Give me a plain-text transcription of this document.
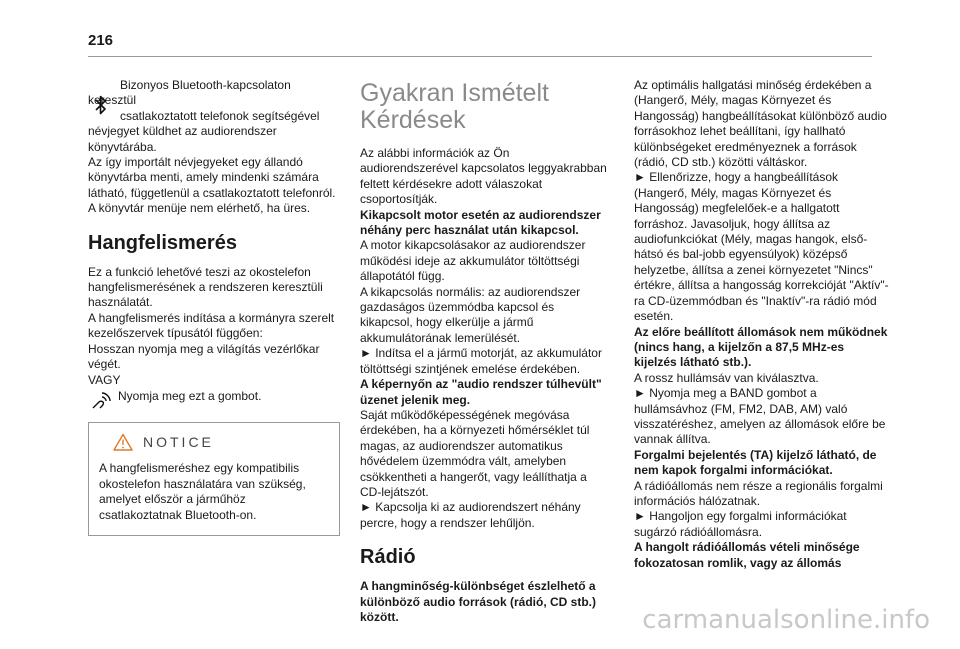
216

Bizonyos Bluetooth-kapcsolaton keresztül

csatlakoztatott telefonok segítségével névjegyet küldhet az audiorendszer könyvtárába.

Az így importált névjegyeket egy állandó könyvtárba menti, amely mindenki számára látható, függetlenül a csatlakoztatott telefonról.

A könyvtár menüje nem elérhető, ha üres.

Hangfelismerés

Ez a funkció lehetővé teszi az okostelefon hangfelismerésének a rendszeren keresztüli használatát.

A hangfelismerés indítása a kormányra szerelt kezelőszervek típusától függően:

Hosszan nyomja meg a világítás vezérlőkar végét.

VAGY

Nyomja meg ezt a gombot.

NOTICE

A hangfelismeréshez egy kompatibilis okostelefon használatára van szükség, amelyet először a járműhöz csatlakoztatnak Bluetooth-on.

Gyakran Ismételt Kérdések

Az alábbi információk az Ön audiorendszerével kapcsolatos leggyakrabban feltett kérdésekre adott válaszokat csoportosítják.

Kikapcsolt motor esetén az audiorendszer néhány perc használat után kikapcsol.

A motor kikapcsolásakor az audiorendszer működési ideje az akkumulátor töltöttségi állapotától függ.

A kikapcsolás normális: az audiorendszer gazdaságos üzemmódba kapcsol és kikapcsol, hogy elkerülje a jármű akkumulátorának lemerülését.

► Indítsa el a jármű motorját, az akkumulátor töltöttségi szintjének emelése érdekében.

A képernyőn az "audio rendszer túlhevült" üzenet jelenik meg.

Saját működőképességének megóvása érdekében, ha a környezeti hőmérséklet túl magas, az audiorendszer automatikus hővédelem üzemmódra vált, amelyben csökkentheti a hangerőt, vagy leállíthatja a CD-lejátszót.

► Kapcsolja ki az audiorendszert néhány percre, hogy a rendszer lehűljön.

Rádió

A hangminőség-különbséget észlelhető a különböző audio források (rádió, CD stb.) között.

Az optimális hallgatási minőség érdekében a (Hangerő, Mély, magas Környezet és Hangosság) hangbeállításokat különböző audio forrásokhoz lehet beállítani, így hallható különbségeket eredményeznek a források (rádió, CD stb.) közötti váltáskor.

► Ellenőrizze, hogy a hangbeállítások (Hangerő, Mély, magas Környezet és Hangosság) megfelelőek-e a hallgatott forráshoz. Javasoljuk, hogy állítsa az audiofunkciókat (Mély, magas hangok, első-hátsó és bal-jobb egyensúlyok) középső helyzetbe, állítsa a zenei környezetet "Nincs" értékre, állítsa a hangosság korrekcióját "Aktív"-ra CD-üzemmódban és "Inaktív"-ra rádió mód esetén.

Az előre beállított állomások nem működnek (nincs hang, a kijelzőn a 87,5 MHz-es kijelzés látható stb.).

A rossz hullámsáv van kiválasztva.

► Nyomja meg a BAND gombot a hullámsávhoz (FM, FM2, DAB, AM) való visszatéréshez, amelyen az állomások előre be vannak állítva.

Forgalmi bejelentés (TA) kijelző látható, de nem kapok forgalmi információkat.

A rádióállomás nem része a regionális forgalmi információs hálózatnak.

► Hangoljon egy forgalmi információkat sugárzó rádióállomásra.

A hangolt rádióállomás vételi minősége fokozatosan romlik, vagy az állomás

carmanualsonline.info
